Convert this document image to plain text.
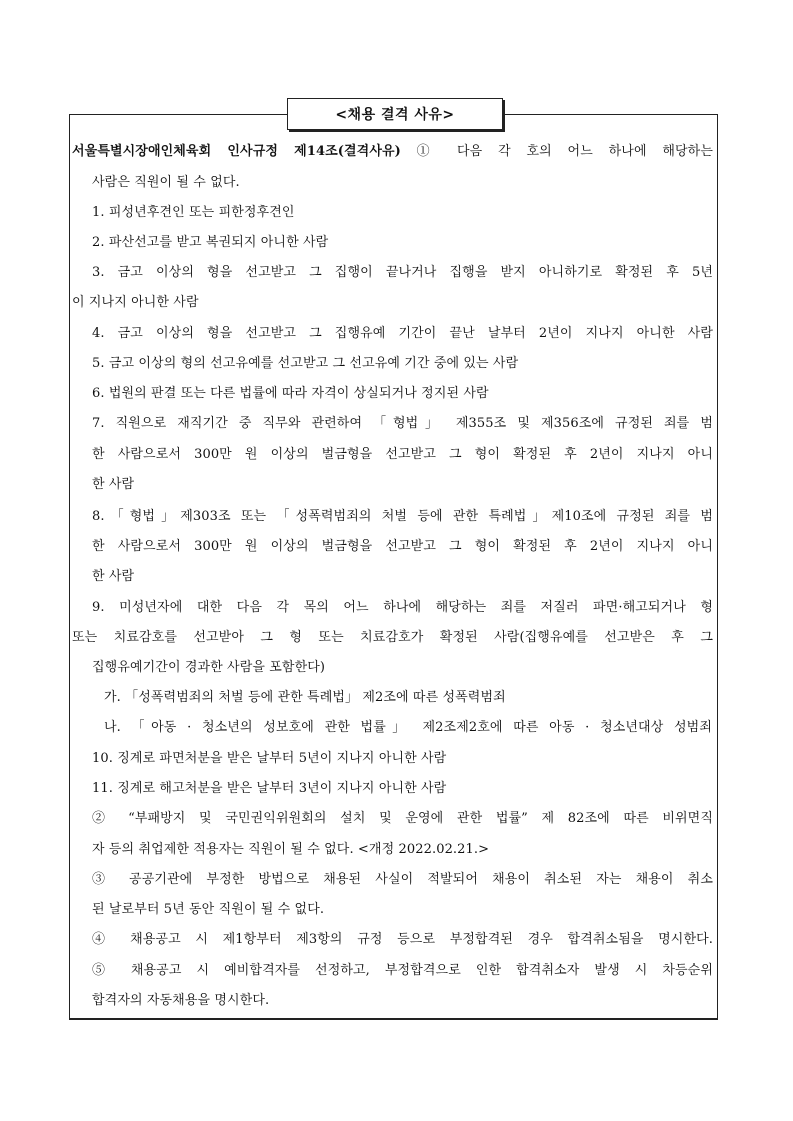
<채용 결격 사유>
서울특별시장애인체육회 인사규정 제14조(결격사유) ① 다음 각 호의 어느 하나에 해당하는
사람은 직원이 될 수 없다.
1. 피성년후견인 또는 피한정후견인
2. 파산선고를 받고 복권되지 아니한 사람
3. 금고 이상의 형을 선고받고 그 집행이 끝나거나 집행을 받지 아니하기로 확정된 후 5년
이 지나지 아니한 사람
4. 금고 이상의 형을 선고받고 그 집행유예 기간이 끝난 날부터 2년이 지나지 아니한 사람
5. 금고 이상의 형의 선고유예를 선고받고 그 선고유예 기간 중에 있는 사람
6. 법원의 판결 또는 다른 법률에 따라 자격이 상실되거나 정지된 사람
7. 직원으로 재직기간 중 직무와 관련하여 「형법」 제355조 및 제356조에 규정된 죄를 범
한 사람으로서 300만 원 이상의 벌금형을 선고받고 그 형이 확정된 후 2년이 지나지 아니
한 사람
8.「형법」제303조 또는 「성폭력범죄의 처벌 등에 관한 특례법」제10조에 규정된 죄를 범
한 사람으로서 300만 원 이상의 벌금형을 선고받고 그 형이 확정된 후 2년이 지나지 아니
한 사람
9. 미성년자에 대한 다음 각 목의 어느 하나에 해당하는 죄를 저질러 파면·해고되거나 형
또는 치료감호를 선고받아 그 형 또는 치료감호가 확정된 사람(집행유예를 선고받은 후 그
집행유예기간이 경과한 사람을 포함한다)
가. 「성폭력범죄의 처벌 등에 관한 특례법」 제2조에 따른 성폭력범죄
나. 「아동 · 청소년의 성보호에 관한 법률」 제2조제2호에 따른 아동 · 청소년대상 성범죄
10. 징계로 파면처분을 받은 날부터 5년이 지나지 아니한 사람
11. 징계로 해고처분을 받은 날부터 3년이 지나지 아니한 사람
② “부패방지 및 국민권익위원회의 설치 및 운영에 관한 법률” 제 82조에 따른 비위면직
자 등의 취업제한 적용자는 직원이 될 수 없다. <개정 2022.02.21.>
③ 공공기관에 부정한 방법으로 채용된 사실이 적발되어 채용이 취소된 자는 채용이 취소
된 날로부터 5년 동안 직원이 될 수 없다.
④ 채용공고 시 제1항부터 제3항의 규정 등으로 부정합격된 경우 합격취소됨을 명시한다.
⑤ 채용공고 시 예비합격자를 선정하고, 부정합격으로 인한 합격취소자 발생 시 차등순위
합격자의 자동채용을 명시한다.
